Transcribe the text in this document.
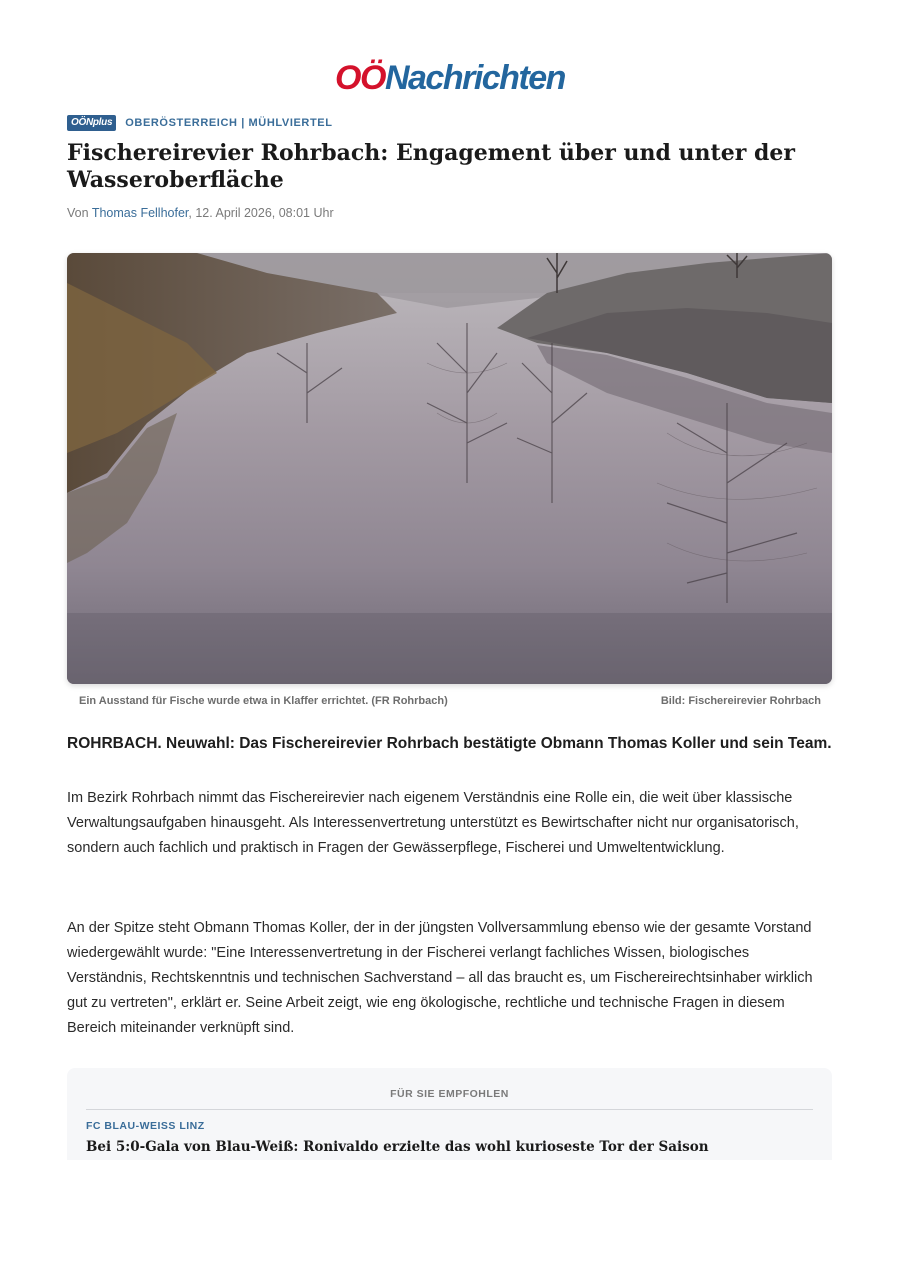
OÖNachrichten
OÖNplus	OBERÖSTERREICH | MÜHLVIERTEL
Fischereirevier Rohrbach: Engagement über und unter der Wasseroberfläche
Von Thomas Fellhofer, 12. April 2026, 08:01 Uhr
Ein Ausstand für Fische wurde etwa in Klaffer errichtet. (FR Rohrbach)	Bild: Fischereirevier Rohrbach
ROHRBACH. Neuwahl: Das Fischereirevier Rohrbach bestätigte Obmann Thomas Koller und sein Team.

Im Bezirk Rohrbach nimmt das Fischereirevier nach eigenem Verständnis eine Rolle ein, die weit über klassische Verwaltungsaufgaben hinausgeht. Als Interessenvertretung unterstützt es Bewirtschafter nicht nur organisatorisch, sondern auch fachlich und praktisch in Fragen der Gewässerpflege, Fischerei und Umweltentwicklung.

An der Spitze steht Obmann Thomas Koller, der in der jüngsten Vollversammlung ebenso wie der gesamte Vorstand wiedergewählt wurde: "Eine Interessenvertretung in der Fischerei verlangt fachliches Wissen, biologisches Verständnis, Rechtskenntnis und technischen Sachverstand – all das braucht es, um Fischereirechtsinhaber wirklich gut zu vertreten", erklärt er. Seine Arbeit zeigt, wie eng ökologische, rechtliche und technische Fragen in diesem Bereich miteinander verknüpft sind.

FÜR SIE EMPFOHLEN
FC BLAU-WEISS LINZ
Bei 5:0-Gala von Blau-Weiß: Ronivaldo erzielte das wohl kurioseste Tor der Saison
